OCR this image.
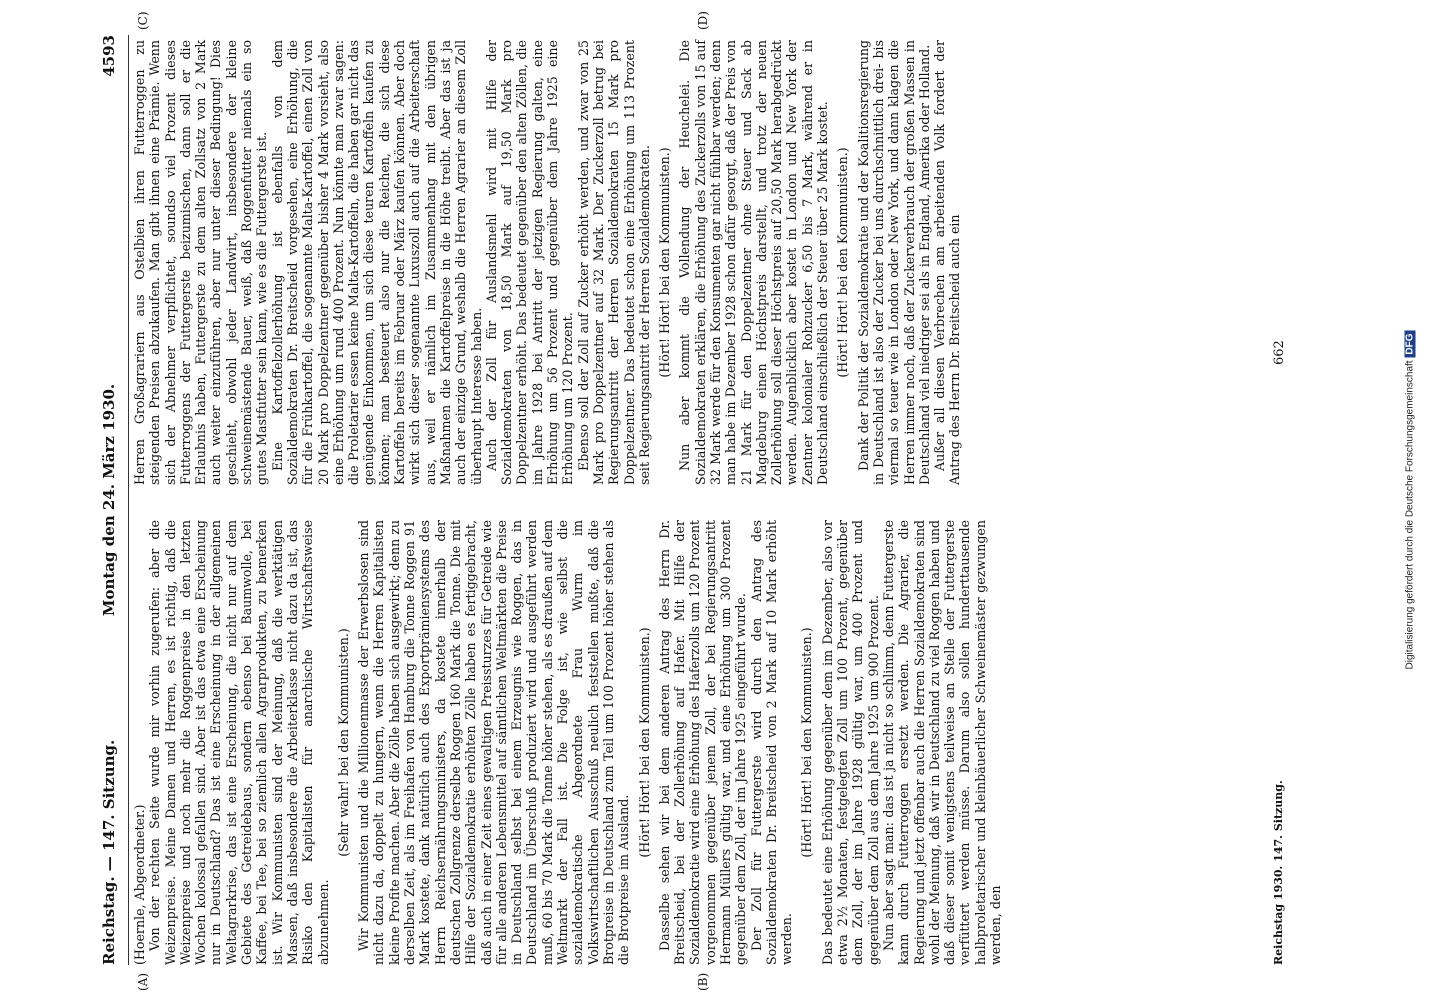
Reichstag. — 147. Sitzung.
Montag den 24. März 1930.
4593
(A)	(B)
(C)	(D)

(Hoernle, Abgeordneter.) Von der rechten Seite wurde mir vorhin zugerufen: aber die Weizenpreise. Meine Damen und Herren, es ist richtig, daß die Weizenpreise und noch mehr die Roggenpreise in den letzten Wochen kolossal gefallen sind. Aber ist das etwa eine Erscheinung nur in Deutschland? Das ist eine Erscheinung in der allgemeinen Weltagrarkrise, das ist eine Erscheinung, die nicht nur auf dem Gebiete des Getreidebaus, sondern ebenso bei Baumwolle, bei Kaffee, bei Tee, bei so ziemlich allen Agrarprodukten, zu bemerken ist. Wir Kommunisten sind der Meinung, daß die werktätigen Massen, daß insbesondere die Arbeiterklasse nicht dazu da ist, das Risiko den Kapitalisten für anarchische Wirtschaftsweise abzunehmen.

(Sehr wahr! bei den Kommunisten.) Wir Kommunisten und die Millionenmasse der Erwerbslosen sind nicht dazu da, doppelt zu hungern, wenn die Herren Kapitalisten kleine Profite machen. Aber die Zölle haben sich ausgewirkt; denn zu derselben Zeit, als im Freihafen von Hamburg die Tonne Roggen 91 Mark kostete, dank natürlich auch des Exportprämiensystems des Herrn Reichsernährungsministers, da kostete innerhalb der deutschen Zollgrenze derselbe Roggen 160 Mark die Tonne. Die mit Hilfe der Sozialdemokratie erhöhten Zölle haben es fertiggebracht, daß auch in einer Zeit eines gewaltigen Preissturzes für Getreide wie für alle anderen Lebensmittel auf sämtlichen Weltmärkten die Preise in Deutschland selbst bei einem Erzeugnis wie Roggen, das in Deutschland im Überschuß produziert wird und ausgeführt werden muß, 60 bis 70 Mark die Tonne höher stehen, als es draußen auf dem Weltmarkt der Fall ist. Die Folge ist, wie selbst die sozialdemokratische Abgeordnete Frau Wurm im Volkswirtschaftlichen Ausschuß neulich feststellen mußte, daß die Brotpreise in Deutschland zum Teil um 100 Prozent höher stehen als die Brotpreise im Ausland.

(Hört! Hört! bei den Kommunisten.) Dasselbe sehen wir bei dem anderen Antrag des Herrn Dr. Breitscheid, bei der Zollerhöhung auf Hafer. Mit Hilfe der Sozialdemokratie wird eine Erhöhung des Haferzolls um 120 Prozent vorgenommen gegenüber jenem Zoll, der bei Regierungsantritt Hermann Müllers gültig war, und eine Erhöhung um 300 Prozent gegenüber dem Zoll, der im Jahre 1925 eingeführt wurde. Der Zoll für Futtergerste wird durch den Antrag des Sozialdemokraten Dr. Breitscheid von 2 Mark auf 10 Mark erhöht werden.

(Hört! Hört! bei den Kommunisten.) Das bedeutet eine Erhöhung gegenüber dem im Dezember, also vor etwa 2½ Monaten, festgelegten Zoll um 100 Prozent, gegenüber dem Zoll, der im Jahre 1928 gültig war, um 400 Prozent und gegenüber dem Zoll aus dem Jahre 1925 um 900 Prozent. Nun aber sagt man: das ist ja nicht so schlimm, denn Futtergerste kann durch Futterroggen ersetzt werden. Die Agrarier, die Regierung und jetzt offenbar auch die Herren Sozialdemokraten sind wohl der Meinung, daß wir in Deutschland zu viel Roggen haben und daß dieser somit wenigstens teilweise an Stelle der Futtergerste verfüttert werden müsse. Darum also sollen hunderttausende halbproletarischer und kleinbäuerlicher Schweinemäster gezwungen werden, den

Herren Großagrariern aus Ostelbien ihren Futterroggen zu steigenden Preisen abzukaufen. Man gibt ihnen eine Prämie. Wenn sich der Abnehmer verpflichtet, soundso viel Prozent dieses Futterroggens der Futtergerste beizumischen, dann soll er die Erlaubnis haben, Futtergerste zu dem alten Zollsatz von 2 Mark auch weiter einzuführen, aber nur unter dieser Bedingung! Dies geschieht, obwohl jeder Landwirt, insbesondere der kleine schweinemästende Bauer, weiß, daß Roggenfutter niemals ein so gutes Mastfutter sein kann, wie es die Futtergerste ist. Eine Kartoffelzollerhöhung ist ebenfalls von dem Sozialdemokraten Dr. Breitscheid vorgesehen, eine Erhöhung, die für die Frühkartoffel, die sogenannte Malta-Kartoffel, einen Zoll von 20 Mark pro Doppelzentner gegenüber bisher 4 Mark vorsieht, also eine Erhöhung um rund 400 Prozent. Nun könnte man zwar sagen: die Proletarier essen keine Malta-Kartoffeln, die haben gar nicht das genügende Einkommen, um sich diese teuren Kartoffeln kaufen zu können; man besteuert also nur die Reichen, die sich diese Kartoffeln bereits im Februar oder März kaufen können. Aber doch wirkt sich dieser sogenannte Luxuszoll auch auf die Arbeiterschaft aus, weil er nämlich im Zusammenhang mit den übrigen Maßnahmen die Kartoffelpreise in die Höhe treibt. Aber das ist ja auch der einzige Grund, weshalb die Herren Agrarier an diesem Zoll überhaupt Interesse haben. Auch der Zoll für Auslandsmehl wird mit Hilfe der Sozialdemokraten von 18,50 Mark auf 19,50 Mark pro Doppelzentner erhöht. Das bedeutet gegenüber den alten Zöllen, die im Jahre 1928 bei Antritt der jetzigen Regierung galten, eine Erhöhung um 56 Prozent und gegenüber dem Jahre 1925 eine Erhöhung um 120 Prozent. Ebenso soll der Zoll auf Zucker erhöht werden, und zwar von 25 Mark pro Doppelzentner auf 32 Mark. Der Zuckerzoll betrug bei Regierungsantritt der Herren Sozialdemokraten 15 Mark pro Doppelzentner. Das bedeutet schon eine Erhöhung um 113 Prozent seit Regierungsantritt der Herren Sozialdemokraten. (Hört! Hört! bei den Kommunisten.) Nun aber kommt die Vollendung der Heuchelei. Die Sozialdemokraten erklären, die Erhöhung des Zuckerzolls von 15 auf 32 Mark werde für den Konsumenten gar nicht fühlbar werden; denn man habe im Dezember 1928 schon dafür gesorgt, daß der Preis von 21 Mark für den Doppelzentner ohne Steuer und Sack ab Magdeburg einen Höchstpreis darstellt, und trotz der neuen Zollerhöhung soll dieser Höchstpreis auf 20,50 Mark herabgedrückt werden. Augenblicklich aber kostet in London und New York der Zentner kolonialer Rohzucker 6,50 bis 7 Mark, während er in Deutschland einschließlich der Steuer über 25 Mark kostet. (Hört! Hört! bei den Kommunisten.) Dank der Politik der Sozialdemokratie und der Koalitionsregierung in Deutschland ist also der Zucker bei uns durchschnittlich drei- bis viermal so teuer wie in London oder New York, und dann klagen die Herren immer noch, daß der Zuckerverbrauch der großen Massen in Deutschland viel niedriger sei als in England, Amerika oder Holland. Außer all diesen Verbrechen am arbeitenden Volk fordert der Antrag des Herrn Dr. Breitscheid auch ein

Reichstag 1930. 147. Sitzung.
662
Digitalisierung gefördert durch die Deutsche Forschungsgemeinschaft DFG
